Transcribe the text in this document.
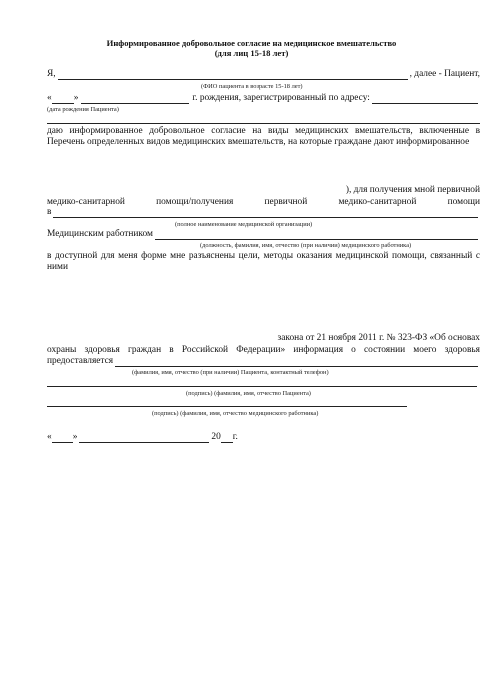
Информированное добровольное согласие на медицинское вмешательство
(для лиц 15-18 лет)
Я,	, далее - Пациент,
(ФИО пациента в возрасте 15-18 лет)
« »	г. рождения, зарегистрированный по адресу:
(дата рождения Пациента)
даю информированное добровольное согласие на виды медицинских вмешательств, включенные в Перечень определенных видов медицинских вмешательств, на которые граждане дают информированное
), для получения мной первичной
медико-санитарной помощи/получения первичной медико-санитарной помощи
в
(полное наименование медицинской организации)
Медицинским работником
(должность, фамилия, имя, отчество (при наличии) медицинского работника)
в доступной для меня форме мне разъяснены цели, методы оказания медицинской помощи, связанный с ними
закона от 21 ноября 2011 г. № 323-ФЗ «Об основах
охраны здоровья граждан в Российской Федерации» информация о состоянии моего здоровья
предоставляется
(фамилия, имя, отчество (при наличии) Пациента, контактный телефон)
(подпись) (фамилия, имя, отчество Пациента)
(подпись) (фамилия, имя, отчество медицинского работника)
« »	20 г.
